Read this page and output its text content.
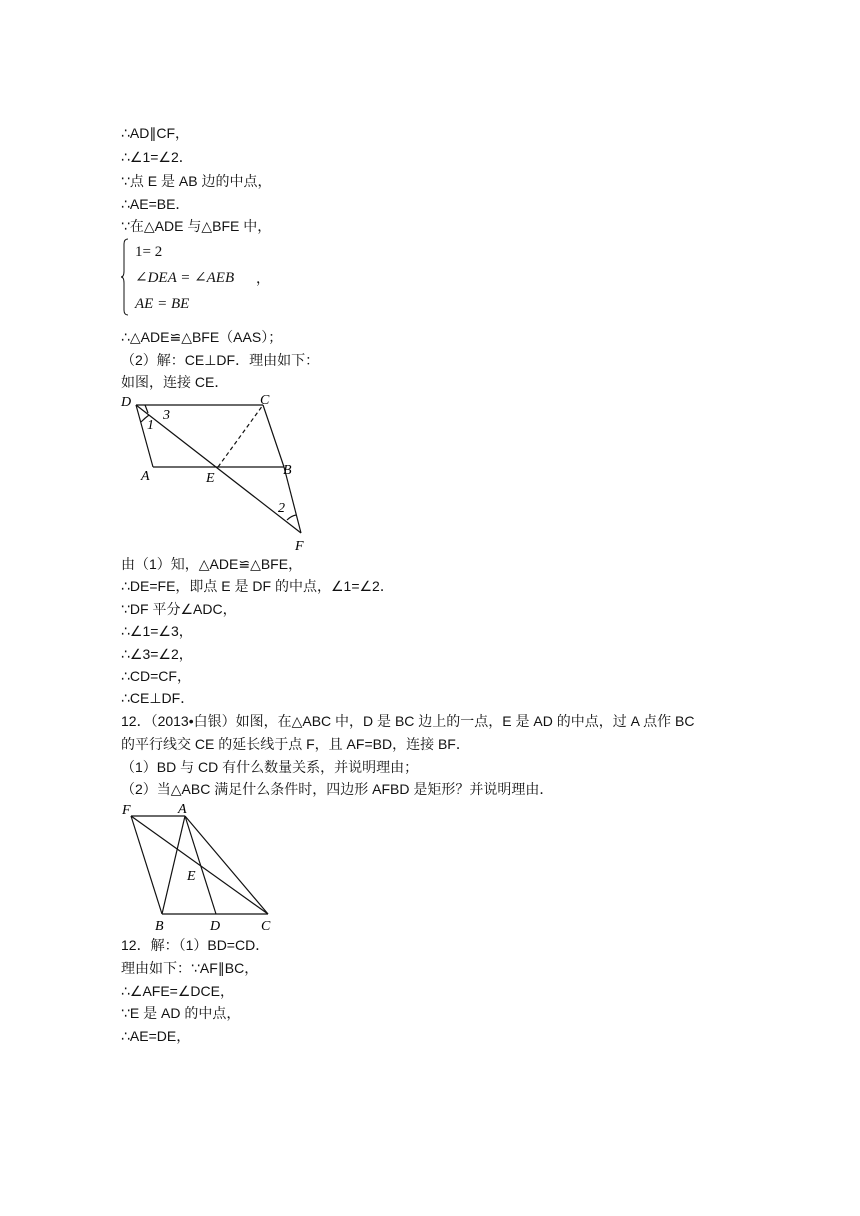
∴AD∥CF，
∴∠1=∠2．
∵点 E 是 AB 边的中点，
∴AE=BE．
∵在△ADE 与△BFE 中，
1= 2
∠DEA = ∠AEB
AE = BE
，
∴△ADE≌△BFE（AAS）；
（2）解：CE⊥DF．理由如下：
如图，连接 CE．
D	C
A	B
E
F
1
3
2
由（1）知，△ADE≌△BFE，
∴DE=FE，即点 E 是 DF 的中点，∠1=∠2．
∵DF 平分∠ADC，
∴∠1=∠3，
∴∠3=∠2，
∴CD=CF，
∴CE⊥DF．
12．（2013•白银）如图，在△ABC 中，D 是 BC 边上的一点，E 是 AD 的中点，过 A 点作 BC
的平行线交 CE 的延长线于点 F，且 AF=BD，连接 BF．
（1）BD 与 CD 有什么数量关系，并说明理由；
（2）当△ABC 满足什么条件时，四边形 AFBD 是矩形？并说明理由．
F	A
E
B	D	C
12．解：（1）BD=CD．
理由如下：∵AF∥BC，
∴∠AFE=∠DCE，
∵E 是 AD 的中点，
∴AE=DE，
